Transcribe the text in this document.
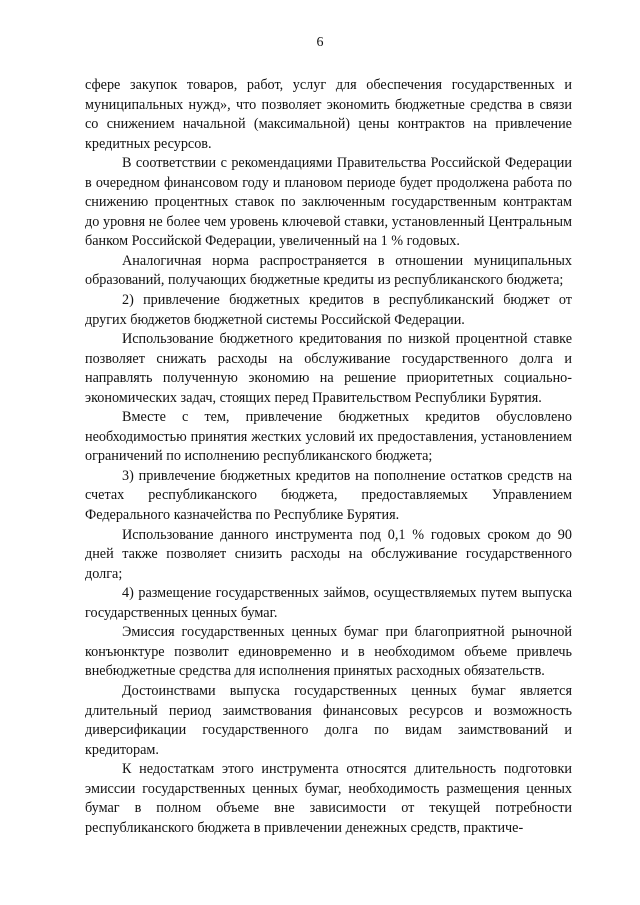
6

сфере закупок товаров, работ, услуг для обеспечения государственных и муниципальных нужд», что позволяет экономить бюджетные средства в связи со снижением начальной (максимальной) цены контрактов на привлечение кредитных ресурсов.

В соответствии с рекомендациями Правительства Российской Федерации в очередном финансовом году и плановом периоде будет продолжена работа по снижению процентных ставок по заключенным государственным контрактам до уровня не более чем уровень ключевой ставки, установленный Центральным банком Российской Федерации, увеличенный на 1 % годовых.

Аналогичная норма распространяется в отношении муниципальных образований, получающих бюджетные кредиты из республиканского бюджета;

2) привлечение бюджетных кредитов в республиканский бюджет от других бюджетов бюджетной системы Российской Федерации.

Использование бюджетного кредитования по низкой процентной ставке позволяет снижать расходы на обслуживание государственного долга и направлять полученную экономию на решение приоритетных социально-экономических задач, стоящих перед Правительством Республики Бурятия.

Вместе с тем, привлечение бюджетных кредитов обусловлено необходимостью принятия жестких условий их предоставления, установлением ограничений по исполнению республиканского бюджета;

3) привлечение бюджетных кредитов на пополнение остатков средств на счетах республиканского бюджета, предоставляемых Управлением Федерального казначейства по Республике Бурятия.

Использование данного инструмента под 0,1 % годовых сроком до 90 дней также позволяет снизить расходы на обслуживание государственного долга;

4) размещение государственных займов, осуществляемых путем выпуска государственных ценных бумаг.

Эмиссия государственных ценных бумаг при благоприятной рыночной конъюнктуре позволит единовременно и в необходимом объеме привлечь внебюджетные средства для исполнения принятых расходных обязательств.

Достоинствами выпуска государственных ценных бумаг является длительный период заимствования финансовых ресурсов и возможность диверсификации государственного долга по видам заимствований и кредиторам.

К недостаткам этого инструмента относятся длительность подготовки эмиссии государственных ценных бумаг, необходимость размещения ценных бумаг в полном объеме вне зависимости от текущей потребности республиканского бюджета в привлечении денежных средств, практиче-
